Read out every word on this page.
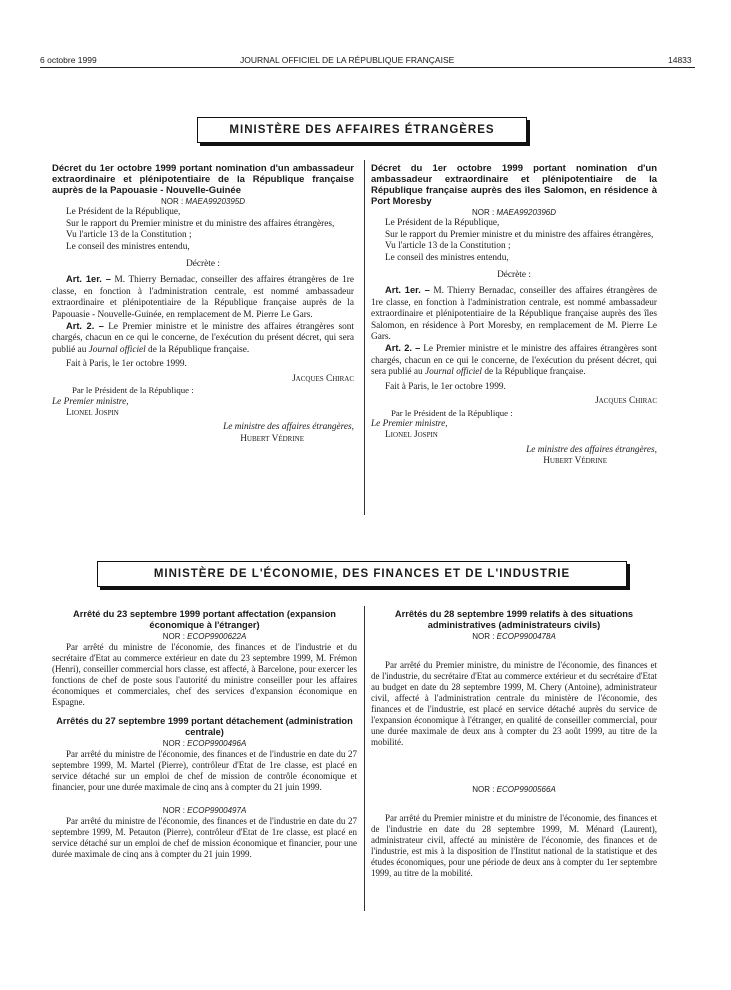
6 octobre 1999	JOURNAL OFFICIEL DE LA RÉPUBLIQUE FRANÇAISE	14833
MINISTÈRE DES AFFAIRES ÉTRANGÈRES

Décret du 1er octobre 1999 portant nomination d'un ambassadeur extraordinaire et plénipotentiaire de la République française auprès de la Papouasie - Nouvelle-Guinée

NOR : MAEA9920395D

Le Président de la République,

Sur le rapport du Premier ministre et du ministre des affaires étrangères,

Vu l'article 13 de la Constitution ;

Le conseil des ministres entendu,

Décrète :

Art. 1er. – M. Thierry Bernadac, conseiller des affaires étrangères de 1re classe, en fonction à l'administration centrale, est nommé ambassadeur extraordinaire et plénipotentiaire de la République française auprès de la Papouasie - Nouvelle-Guinée, en remplacement de M. Pierre Le Gars.

Art. 2. – Le Premier ministre et le ministre des affaires étrangères sont chargés, chacun en ce qui le concerne, de l'exécution du présent décret, qui sera publié au Journal officiel de la République française.

Fait à Paris, le 1er octobre 1999.

Jacques Chirac

Par le Président de la République :

Le Premier ministre,

Lionel Jospin

Le ministre des affaires étrangères,

Hubert Védrine

Décret du 1er octobre 1999 portant nomination d'un ambassadeur extraordinaire et plénipotentiaire de la République française auprès des îles Salomon, en résidence à Port Moresby

NOR : MAEA9920396D

Le Président de la République,

Sur le rapport du Premier ministre et du ministre des affaires étrangères,

Vu l'article 13 de la Constitution ;

Le conseil des ministres entendu,

Décrète :

Art. 1er. – M. Thierry Bernadac, conseiller des affaires étrangères de 1re classe, en fonction à l'administration centrale, est nommé ambassadeur extraordinaire et plénipotentiaire de la République française auprès des îles Salomon, en résidence à Port Moresby, en remplacement de M. Pierre Le Gars.

Art. 2. – Le Premier ministre et le ministre des affaires étrangères sont chargés, chacun en ce qui le concerne, de l'exécution du présent décret, qui sera publié au Journal officiel de la République française.

Fait à Paris, le 1er octobre 1999.

Jacques Chirac

Par le Président de la République :

Le Premier ministre,

Lionel Jospin

Le ministre des affaires étrangères,

Hubert Védrine

MINISTÈRE DE L'ÉCONOMIE, DES FINANCES ET DE L'INDUSTRIE

Arrêté du 23 septembre 1999 portant affectation (expansion économique à l'étranger)

NOR : ECOP9900622A

Par arrêté du ministre de l'économie, des finances et de l'industrie et du secrétaire d'Etat au commerce extérieur en date du 23 septembre 1999, M. Frémon (Henri), conseiller commercial hors classe, est affecté, à Barcelone, pour exercer les fonctions de chef de poste sous l'autorité du ministre conseiller pour les affaires économiques et commerciales, chef des services d'expansion économique en Espagne.

Arrêtés du 27 septembre 1999 portant détachement (administration centrale)

NOR : ECOP9900496A

Par arrêté du ministre de l'économie, des finances et de l'industrie en date du 27 septembre 1999, M. Martel (Pierre), contrôleur d'Etat de 1re classe, est placé en service détaché sur un emploi de chef de mission de contrôle économique et financier, pour une durée maximale de cinq ans à compter du 21 juin 1999.

NOR : ECOP9900497A

Par arrêté du ministre de l'économie, des finances et de l'industrie en date du 27 septembre 1999, M. Petauton (Pierre), contrôleur d'Etat de 1re classe, est placé en service détaché sur un emploi de chef de mission économique et financier, pour une durée maximale de cinq ans à compter du 21 juin 1999.

Arrêtés du 28 septembre 1999 relatifs à des situations administratives (administrateurs civils)

NOR : ECOP9900478A

Par arrêté du Premier ministre, du ministre de l'économie, des finances et de l'industrie, du secrétaire d'Etat au commerce extérieur et du secrétaire d'Etat au budget en date du 28 septembre 1999, M. Chery (Antoine), administrateur civil, affecté à l'administration centrale du ministère de l'économie, des finances et de l'industrie, est placé en service détaché auprès du service de l'expansion économique à l'étranger, en qualité de conseiller commercial, pour une durée maximale de deux ans à compter du 23 août 1999, au titre de la mobilité.

NOR : ECOP9900566A

Par arrêté du Premier ministre et du ministre de l'économie, des finances et de l'industrie en date du 28 septembre 1999, M. Ménard (Laurent), administrateur civil, affecté au ministère de l'économie, des finances et de l'industrie, est mis à la disposition de l'Institut national de la statistique et des études économiques, pour une période de deux ans à compter du 1er septembre 1999, au titre de la mobilité.
